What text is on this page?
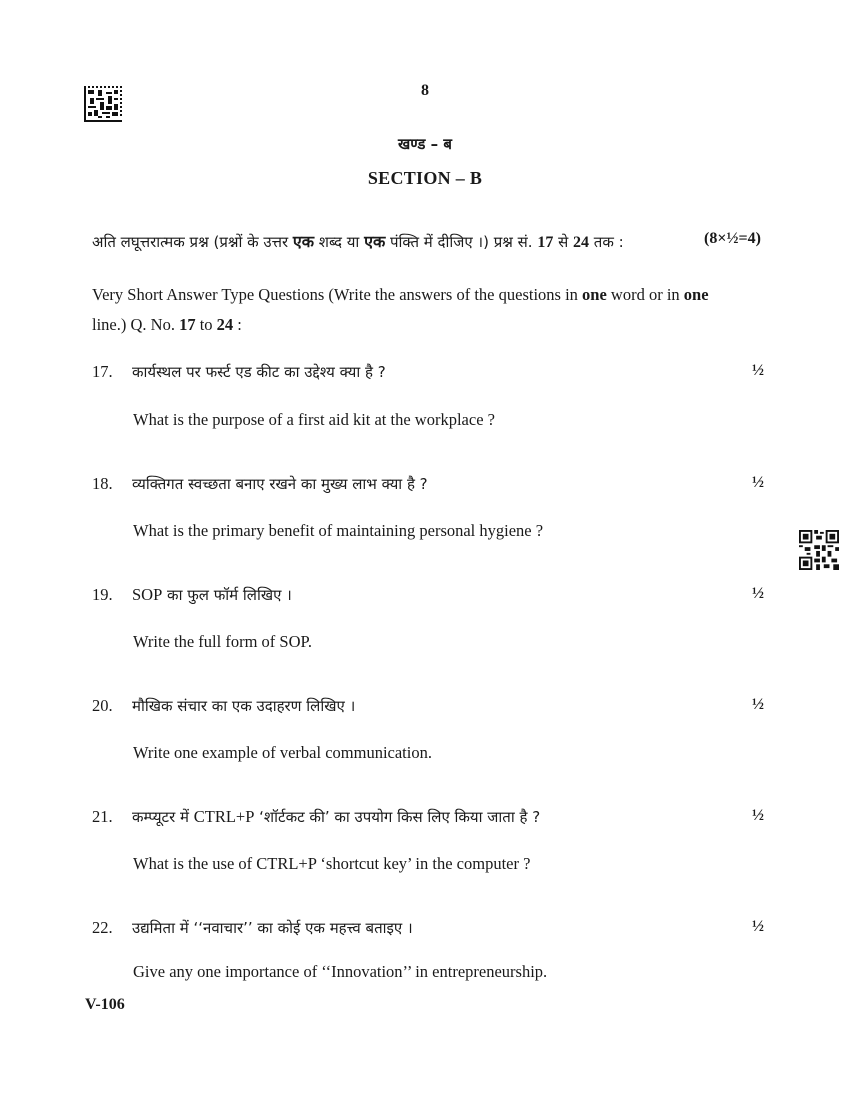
8
खण्ड – ब
SECTION – B
अति लघूत्तरात्मक प्रश्न (प्रश्नों के उत्तर एक शब्द या एक पंक्ति में दीजिए ।) प्रश्न सं. 17 से 24 तक :	(8×½=4)
Very Short Answer Type Questions (Write the answers of the questions in one word or in one line.) Q. No. 17 to 24 :
17. कार्यस्थल पर फर्स्ट एड कीट का उद्देश्य क्या है ?	½
What is the purpose of a first aid kit at the workplace ?
18. व्यक्तिगत स्वच्छता बनाए रखने का मुख्य लाभ क्या है ?	½
What is the primary benefit of maintaining personal hygiene ?
19. SOP का फुल फॉर्म लिखिए ।	½
Write the full form of SOP.
20. मौखिक संचार का एक उदाहरण लिखिए ।	½
Write one example of verbal communication.
21. कम्प्यूटर में CTRL+P ‘शॉर्टकट की’ का उपयोग किस लिए किया जाता है ?	½
What is the use of CTRL+P ‘shortcut key’ in the computer ?
22. उद्यमिता में ‘‘नवाचार’’ का कोई एक महत्त्व बताइए ।	½
Give any one importance of ‘‘Innovation’’ in entrepreneurship.
V-106
